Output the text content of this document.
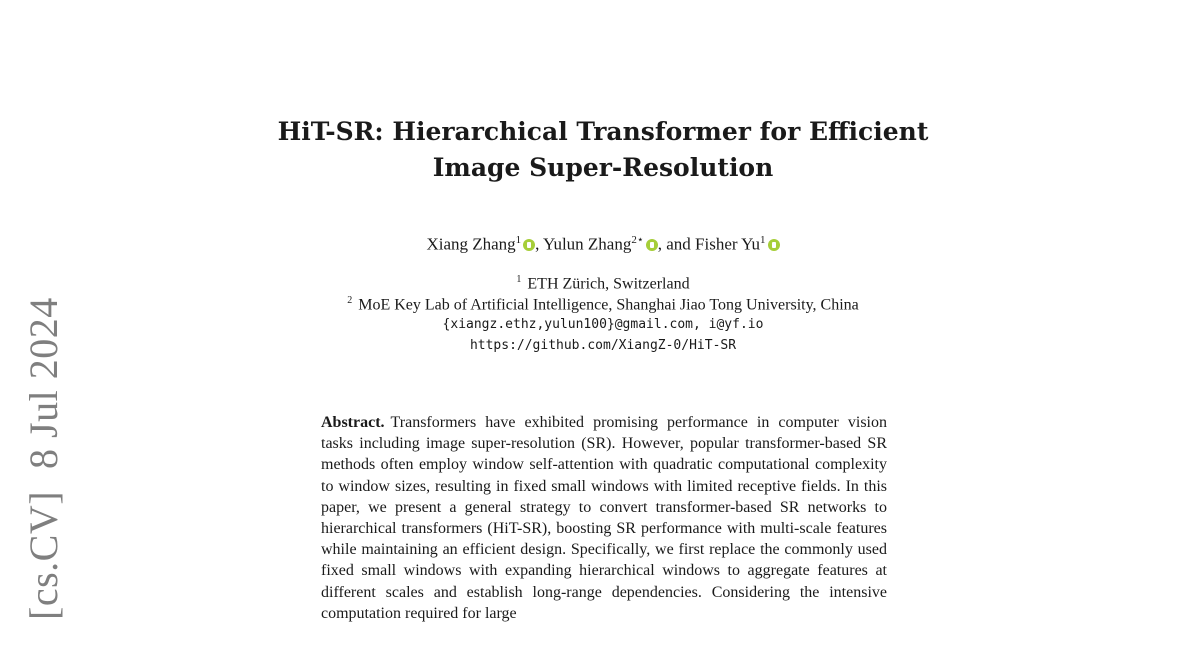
[cs.CV]8 Jul 2024
HiT-SR: Hierarchical Transformer for Efficient
Image Super-Resolution
Xiang Zhang$^1$ , Yulun Zhang$^{2⋆}$ , and Fisher Yu$^1$
$^1$ ETH Zürich, Switzerland
$^2$ MoE Key Lab of Artificial Intelligence, Shanghai Jiao Tong University, China
{xiangz.ethz,yulun100}@gmail.com, i@yf.io
https://github.com/XiangZ-0/HiT-SR

Abstract. Transformers have exhibited promising performance in computer vision tasks including image super-resolution (SR). However, popular transformer-based SR methods often employ window self-attention with quadratic computational complexity to window sizes, resulting in fixed small windows with limited receptive fields. In this paper, we present a general strategy to convert transformer-based SR networks to hierarchical transformers (HiT-SR), boosting SR performance with multi-scale features while maintaining an efficient design. Specifically, we first replace the commonly used fixed small windows with expanding hierarchical windows to aggregate features at different scales and establish long-range dependencies. Considering the intensive computation required for large
